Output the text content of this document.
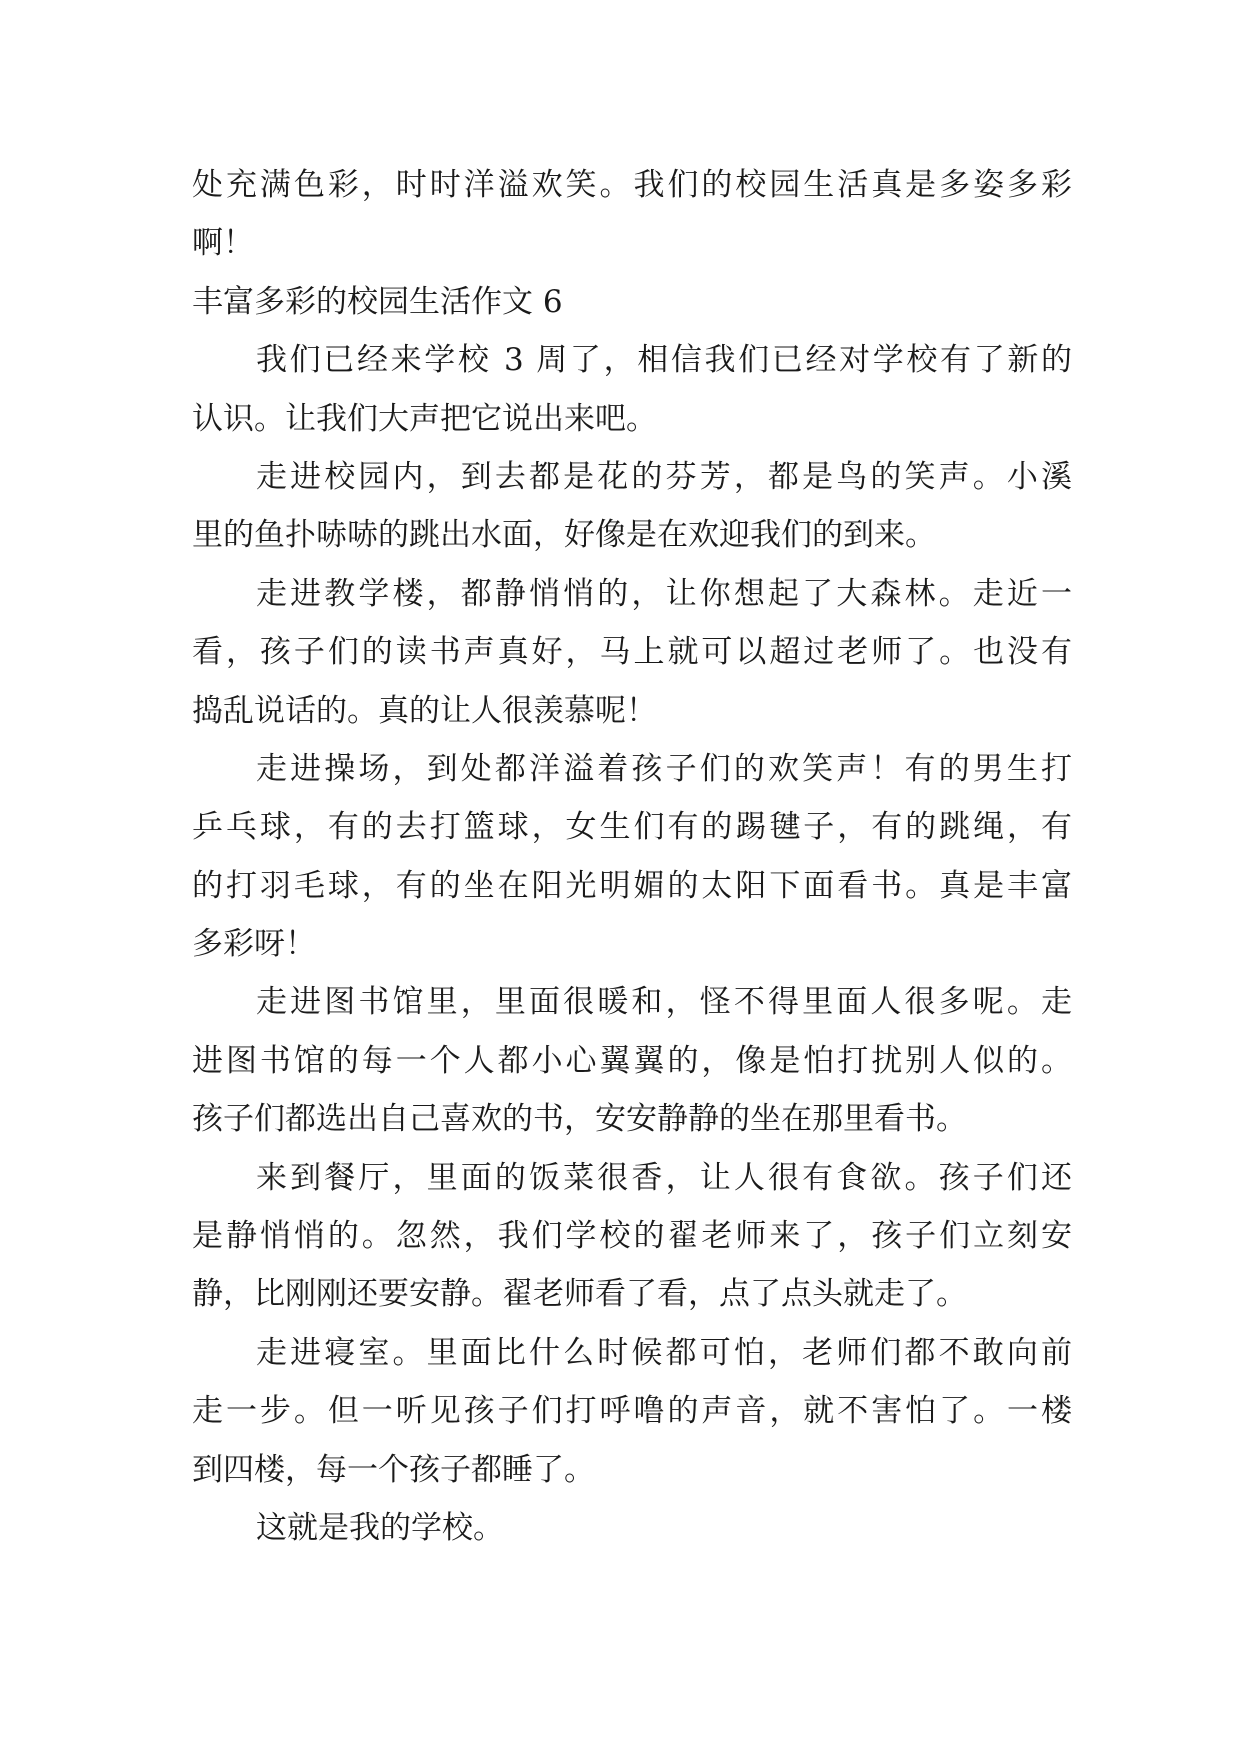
处充满色彩，时时洋溢欢笑。我们的校园生活真是多姿多彩
啊！
丰富多彩的校园生活作文 6
我们已经来学校 3 周了，相信我们已经对学校有了新的
认识。让我们大声把它说出来吧。
走进校园内，到去都是花的芬芳，都是鸟的笑声。小溪
里的鱼扑哧哧的跳出水面，好像是在欢迎我们的到来。
走进教学楼，都静悄悄的，让你想起了大森林。走近一
看，孩子们的读书声真好，马上就可以超过老师了。也没有
捣乱说话的。真的让人很羡慕呢！
走进操场，到处都洋溢着孩子们的欢笑声！有的男生打
乒乓球，有的去打篮球，女生们有的踢毽子，有的跳绳，有
的打羽毛球，有的坐在阳光明媚的太阳下面看书。真是丰富
多彩呀！
走进图书馆里，里面很暖和，怪不得里面人很多呢。走
进图书馆的每一个人都小心翼翼的，像是怕打扰别人似的。
孩子们都选出自己喜欢的书，安安静静的坐在那里看书。
来到餐厅，里面的饭菜很香，让人很有食欲。孩子们还
是静悄悄的。忽然，我们学校的翟老师来了，孩子们立刻安
静，比刚刚还要安静。翟老师看了看，点了点头就走了。
走进寝室。里面比什么时候都可怕，老师们都不敢向前
走一步。但一听见孩子们打呼噜的声音，就不害怕了。一楼
到四楼，每一个孩子都睡了。
这就是我的学校。
